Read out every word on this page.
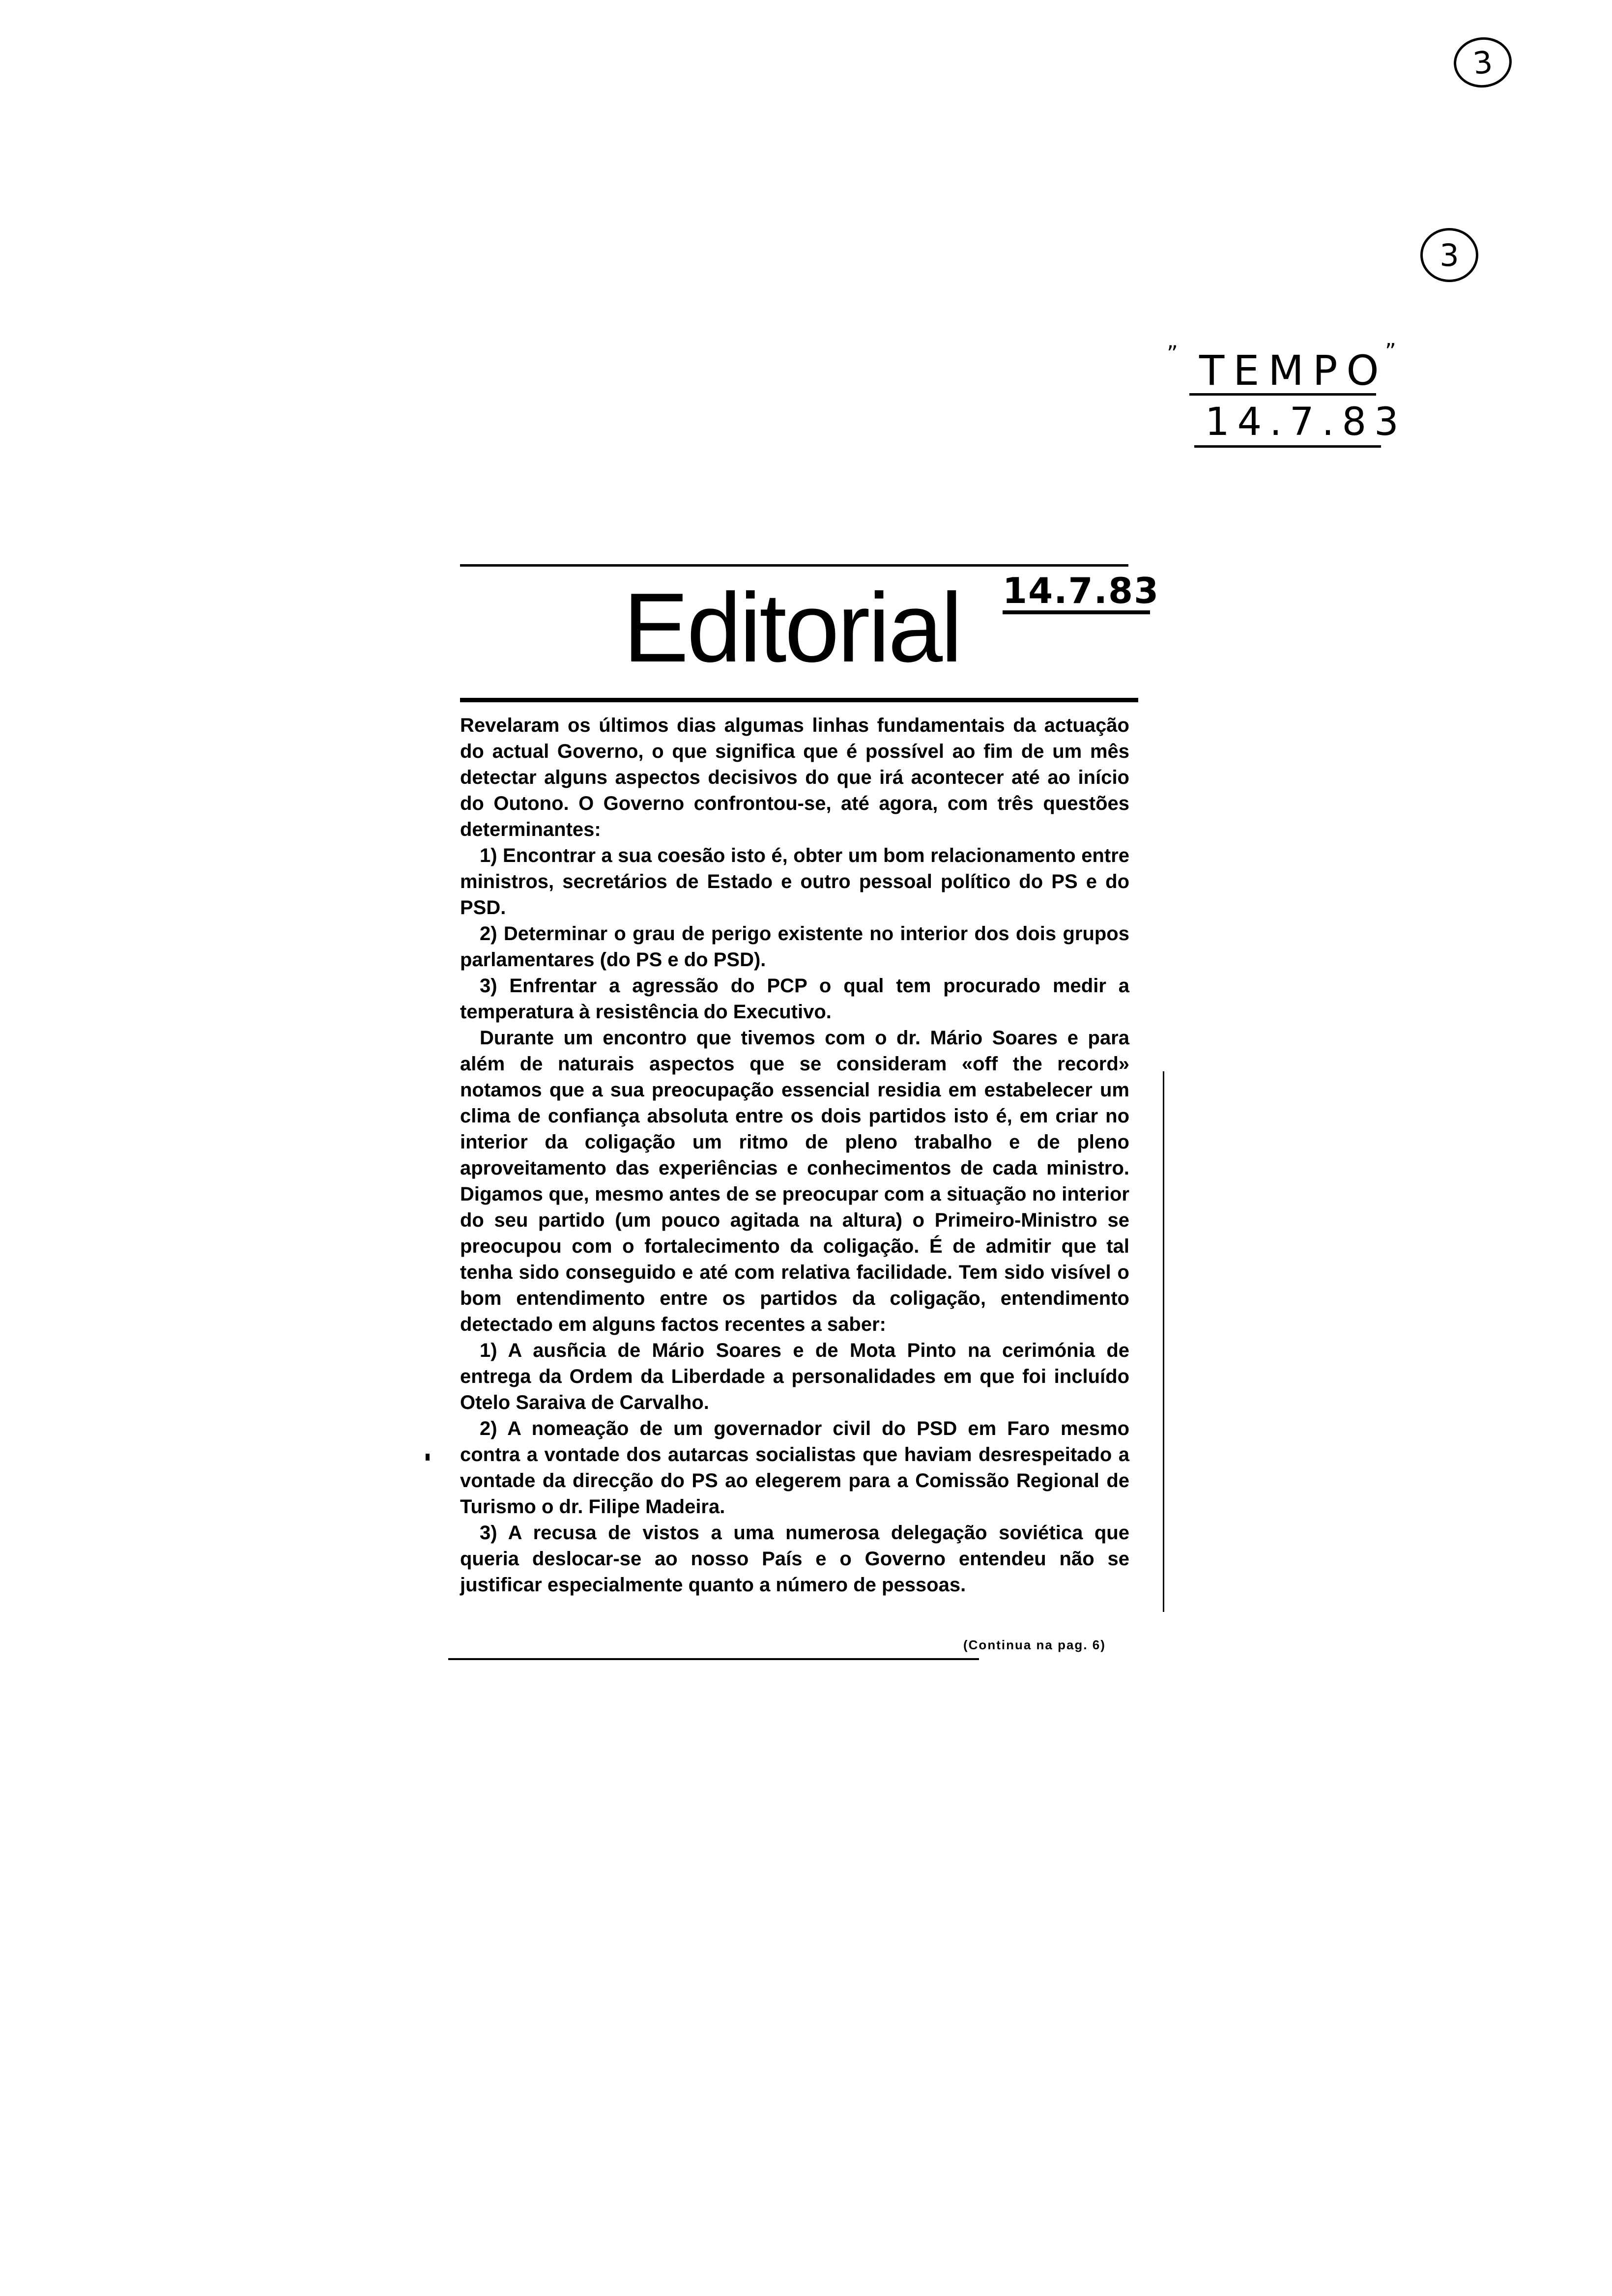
3
3
„
TEMPO
”
14.7.83
14.7.83
Editorial

Revelaram os últimos dias algumas linhas fundamentais da actuação do actual Governo, o que significa que é possível ao fim de um mês detectar alguns aspectos decisivos do que irá acontecer até ao início do Outono. O Governo confrontou-se, até agora, com três questões determinantes:

1) Encontrar a sua coesão isto é, obter um bom relacionamento entre ministros, secretários de Estado e outro pessoal político do PS e do PSD.

2) Determinar o grau de perigo existente no interior dos dois grupos parlamentares (do PS e do PSD).

3) Enfrentar a agressão do PCP o qual tem procurado medir a temperatura à resistência do Executivo.

Durante um encontro que tivemos com o dr. Mário Soares e para além de naturais aspectos que se consideram «off the record» notamos que a sua preocupação essencial residia em estabelecer um clima de confiança absoluta entre os dois partidos isto é, em criar no interior da coligação um ritmo de pleno trabalho e de pleno aproveitamento das experiências e conhecimentos de cada ministro. Digamos que, mesmo antes de se preocupar com a situação no interior do seu partido (um pouco agitada na altura) o Primeiro-Ministro se preocupou com o fortalecimento da coligação. É de admitir que tal tenha sido conseguido e até com relativa facilidade. Tem sido visível o bom entendimento entre os partidos da coligação, entendimento detectado em alguns factos recentes a saber:

1) A ausñcia de Mário Soares e de Mota Pinto na cerimónia de entrega da Ordem da Liberdade a personalidades em que foi incluído Otelo Saraiva de Carvalho.

2) A nomeação de um governador civil do PSD em Faro mesmo contra a vontade dos autarcas socialistas que haviam desrespeitado a vontade da direcção do PS ao elegerem para a Comissão Regional de Turismo o dr. Filipe Madeira.

3) A recusa de vistos a uma numerosa delegação soviética que queria deslocar-se ao nosso País e o Governo entendeu não se justificar especialmente quanto a número de pessoas.

(Continua na pag. 6)
